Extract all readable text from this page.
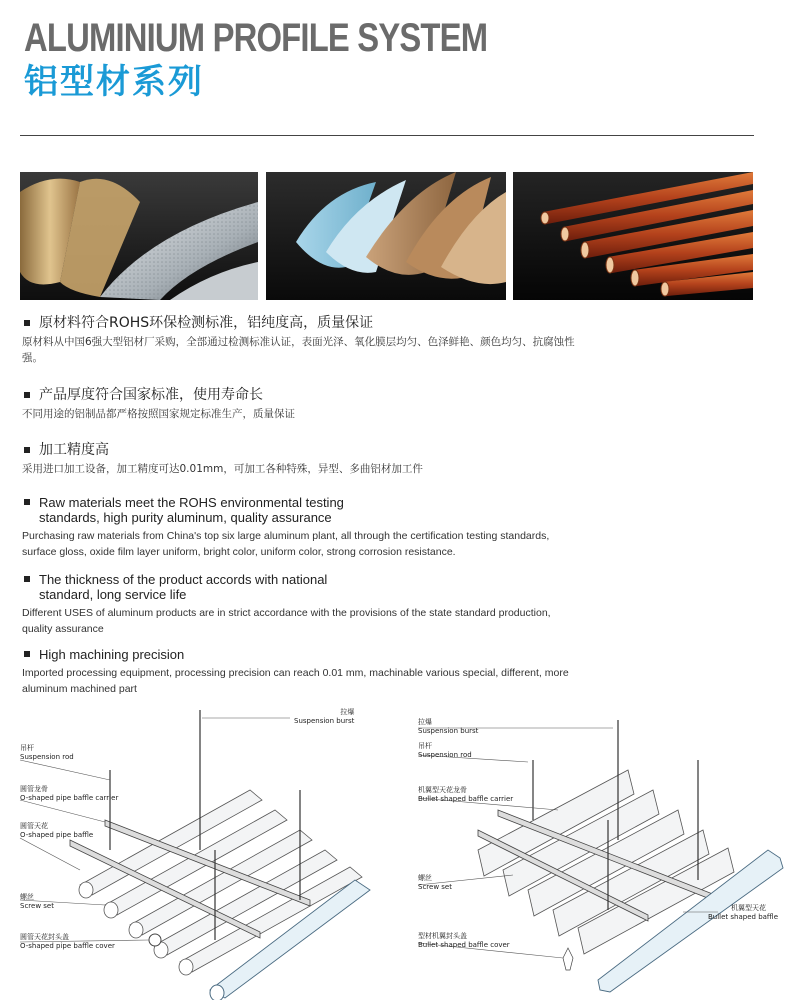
ALUMINIUM PROFILE SYSTEM
铝型材系列
原材料符合ROHS环保检测标准，铝纯度高，质量保证
原材料从中国6强大型铝材厂采购，全部通过检测标准认证，表面光泽、氧化膜层均匀、色泽鲜艳、颜色均匀、抗腐蚀性强。
产品厚度符合国家标准，使用寿命长
不同用途的铝制品都严格按照国家规定标准生产，质量保证
加工精度高
采用进口加工设备，加工精度可达0.01mm，可加工各种特殊，异型、多曲铝材加工件
Raw materials meet the ROHS environmental testing
standards, high purity aluminum, quality assurance
Purchasing raw materials from China's top six large aluminum plant, all through the certification testing standards, surface gloss, oxide film layer uniform, bright color, uniform color, strong corrosion resistance.
The thickness of the product accords with national
standard, long service life
Different USES of aluminum products are in strict accordance with the provisions of the state standard production, quality assurance
High machining precision
Imported processing equipment, processing precision can reach 0.01 mm, machinable various special, different, more aluminum machined part
拉爆
Suspension burst
吊杆
Suspension rod
圆管龙骨
O-shaped pipe baffle carrier
圆管天花
O-shaped pipe baffle
螺丝
Screw set
圆管天花封头盖
O-shaped pipe baffle cover
拉爆
Suspension burst
吊杆
Suspension rod
机翼型天花龙骨
Bullet shaped baffle carrier
螺丝
Screw set
机翼型天花
Bullet shaped baffle
型材机翼封头盖
Bullet shaped baffle cover
